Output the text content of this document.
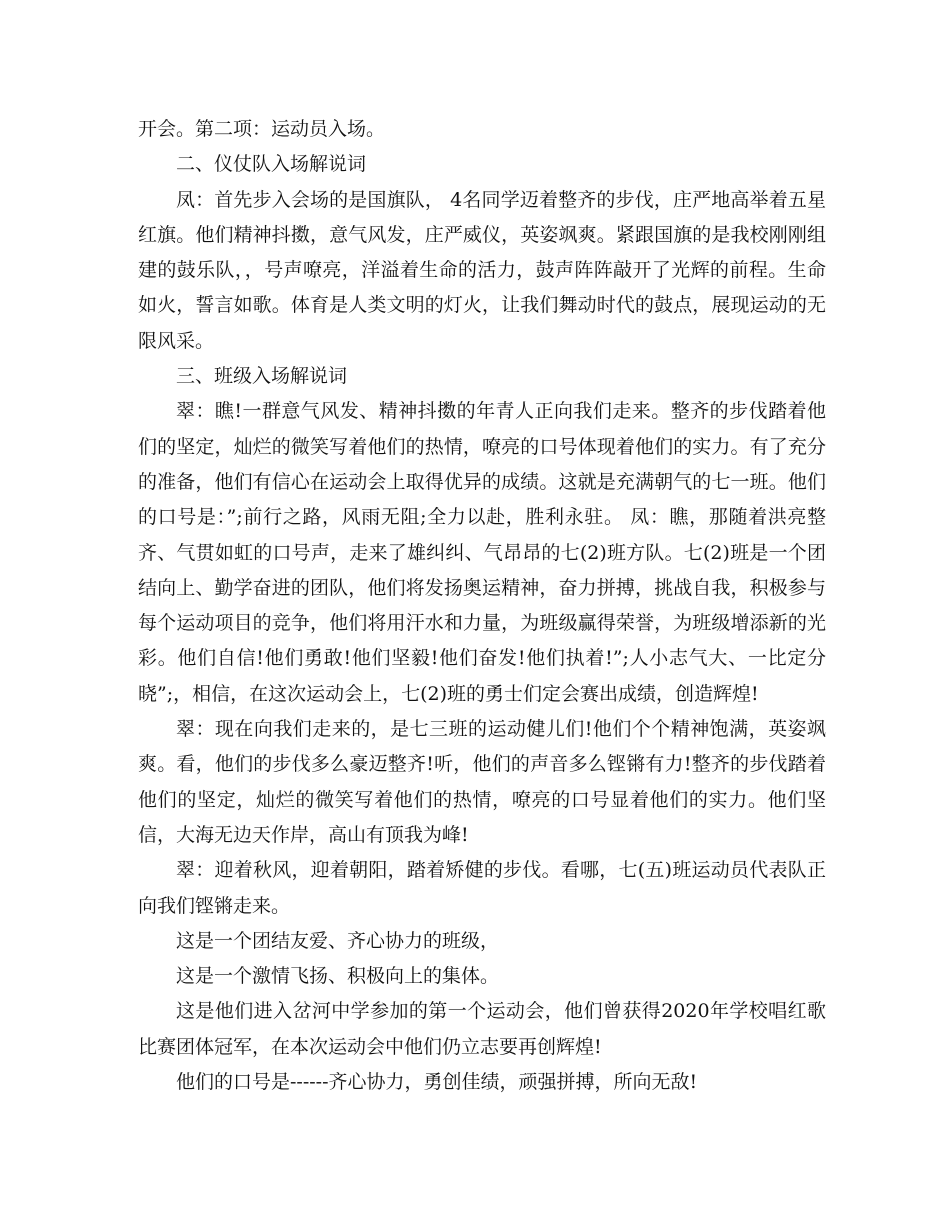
开会。第二项：运动员入场。

二、仪仗队入场解说词

凤：首先步入会场的是国旗队， 4名同学迈着整齐的步伐，庄严地高举着五星红旗。他们精神抖擞，意气风发，庄严威仪，英姿飒爽。紧跟国旗的是我校刚刚组建的鼓乐队，，号声嘹亮，洋溢着生命的活力，鼓声阵阵敲开了光辉的前程。生命如火，誓言如歌。体育是人类文明的灯火，让我们舞动时代的鼓点，展现运动的无限风采。

三、班级入场解说词

翠：瞧!一群意气风发、精神抖擞的年青人正向我们走来。整齐的步伐踏着他们的坚定，灿烂的微笑写着他们的热情，嘹亮的口号体现着他们的实力。有了充分的准备，他们有信心在运动会上取得优异的成绩。这就是充满朝气的七一班。他们的口号是：”;前行之路，风雨无阻;全力以赴，胜利永驻。 凤：瞧，那随着洪亮整齐、气贯如虹的口号声，走来了雄纠纠、气昂昂的七(2)班方队。七(2)班是一个团结向上、勤学奋进的团队，他们将发扬奥运精神，奋力拼搏，挑战自我，积极参与每个运动项目的竞争，他们将用汗水和力量，为班级赢得荣誉，为班级增添新的光彩。他们自信!他们勇敢!他们坚毅!他们奋发!他们执着!”;人小志气大、一比定分晓”;，相信，在这次运动会上，七(2)班的勇士们定会赛出成绩，创造辉煌!

翠：现在向我们走来的，是七三班的运动健儿们!他们个个精神饱满，英姿飒爽。看，他们的步伐多么豪迈整齐!听，他们的声音多么铿锵有力!整齐的步伐踏着他们的坚定，灿烂的微笑写着他们的热情，嘹亮的口号显着他们的实力。他们坚信，大海无边天作岸，高山有顶我为峰!

翠：迎着秋风，迎着朝阳，踏着矫健的步伐。看哪，七(五)班运动员代表队正向我们铿锵走来。

这是一个团结友爱、齐心协力的班级，

这是一个激情飞扬、积极向上的集体。

这是他们进入岔河中学参加的第一个运动会，他们曾获得2020年学校唱红歌比赛团体冠军，在本次运动会中他们仍立志要再创辉煌!

他们的口号是------齐心协力，勇创佳绩，顽强拼搏，所向无敌!
